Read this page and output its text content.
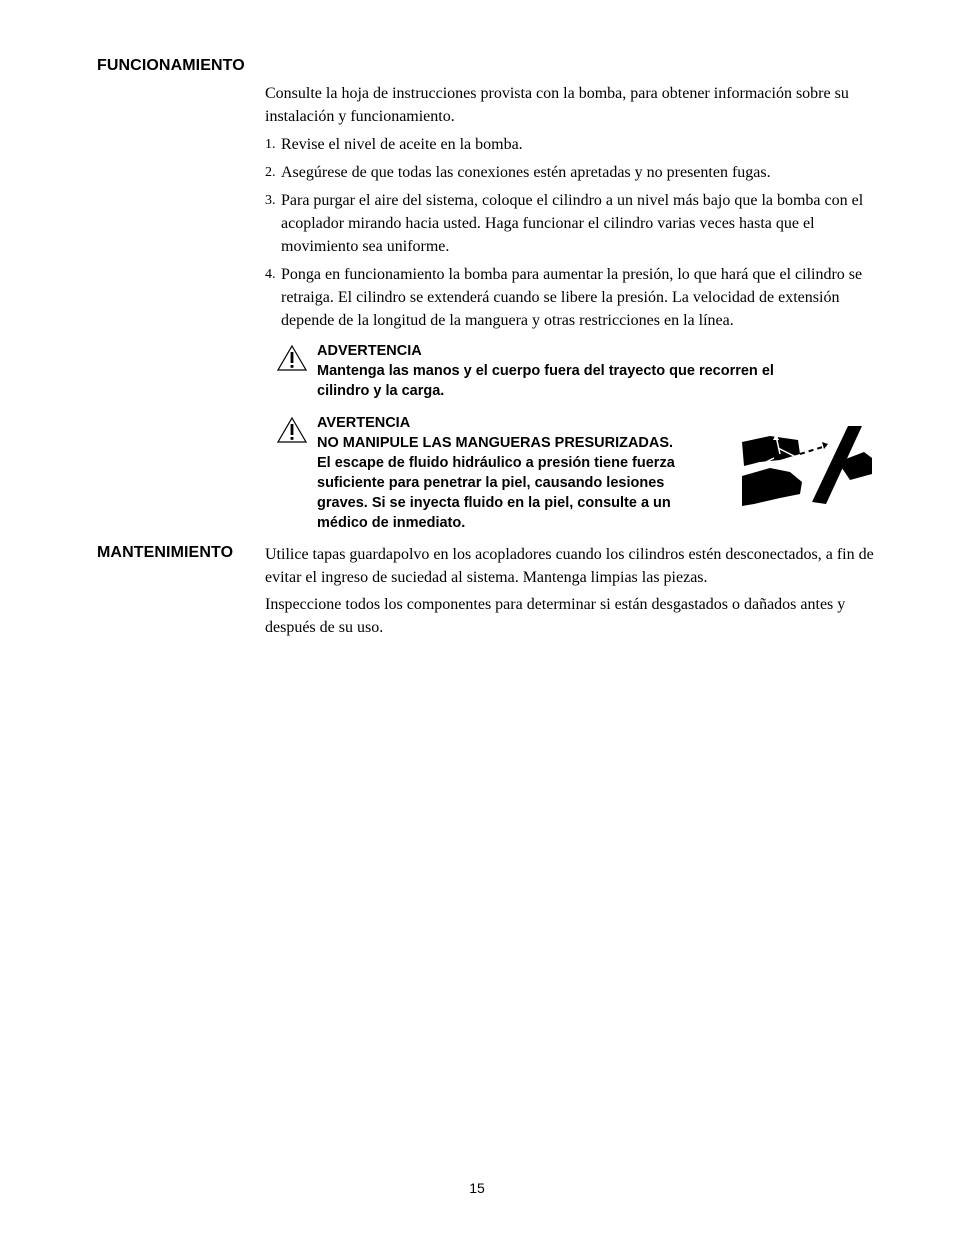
FUNCIONAMIENTO

Consulte la hoja de instrucciones provista con la bomba, para obtener información sobre su instalación y funcionamiento.

1. Revise el nivel de aceite en la bomba.
2. Asegúrese de que todas las conexiones estén apretadas y no presenten fugas.
3. Para purgar el aire del sistema, coloque el cilindro a un nivel más bajo que la bomba con el acoplador mirando hacia usted. Haga funcionar el cilindro varias veces hasta que el movimiento sea uniforme.
4. Ponga en funcionamiento la bomba para aumentar la presión, lo que hará que el cilindro se retraiga. El cilindro se extenderá cuando se libere la presión. La velocidad de extensión depende de la longitud de la manguera y otras restricciones en la línea.
ADVERTENCIA
Mantenga las manos y el cuerpo fuera del trayecto que recorren el
cilindro y la carga.
AVERTENCIA
NO MANIPULE LAS MANGUERAS PRESURIZADAS.
El escape de fluido hidráulico a presión tiene fuerza
suficiente para penetrar la piel, causando lesiones
graves. Si se inyecta fluido en la piel, consulte a un
médico de inmediato.
MANTENIMIENTO Utilice tapas guardapolvo en los acopladores cuando los cilindros estén desconectados, a fin de evitar el ingreso de suciedad al sistema. Mantenga limpias las piezas.

Inspeccione todos los componentes para determinar si están desgastados o dañados antes y después de su uso.

15
